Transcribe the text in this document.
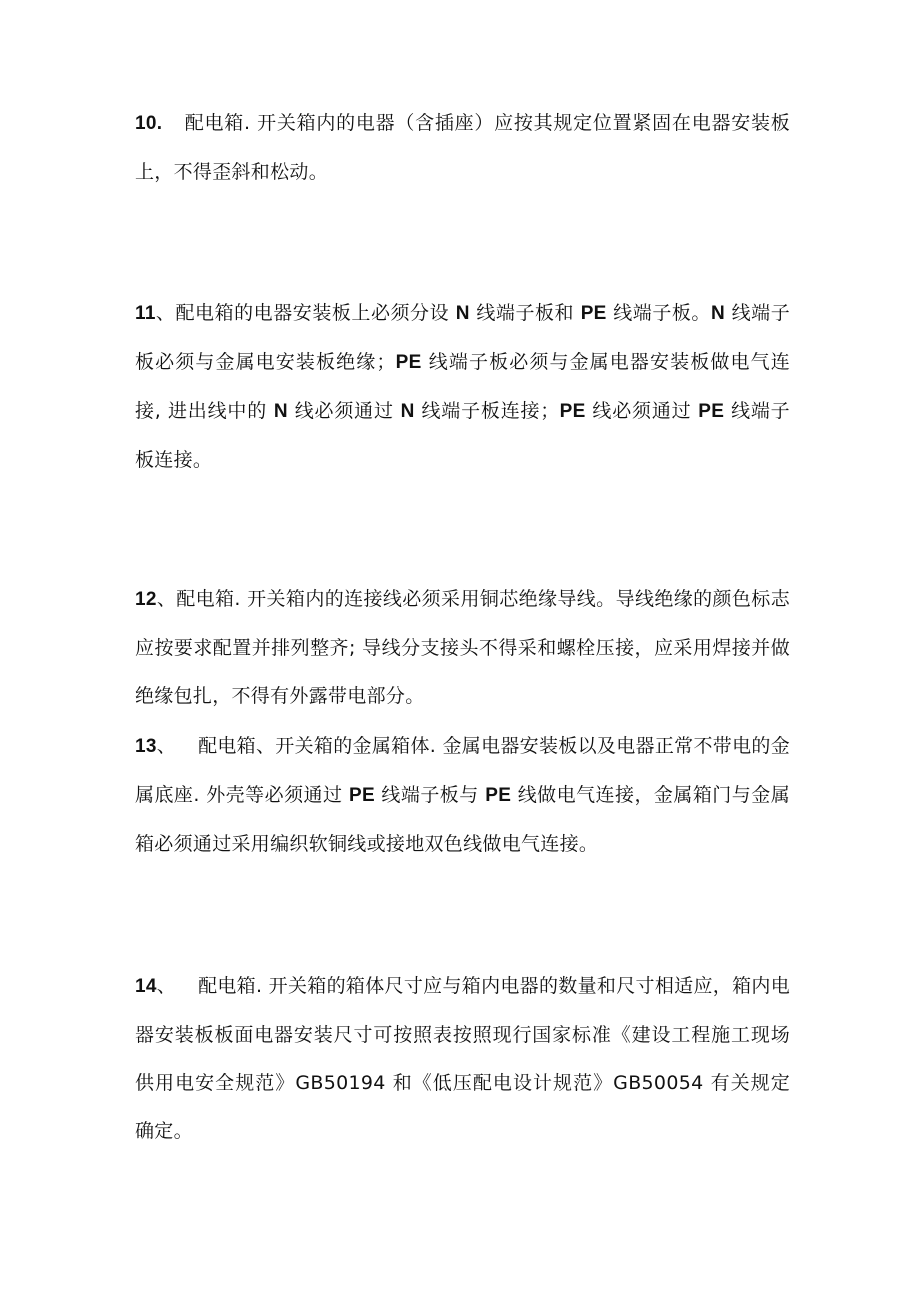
10. 配电箱. 开关箱内的电器（含插座）应按其规定位置紧固在电器安装板上，不得歪斜和松动。
11、配电箱的电器安装板上必须分设 N 线端子板和 PE 线端子板。N 线端子板必须与金属电安装板绝缘；PE 线端子板必须与金属电器安装板做电气连接, 进出线中的 N 线必须通过 N 线端子板连接；PE 线必须通过 PE 线端子板连接。
12、配电箱. 开关箱内的连接线必须采用铜芯绝缘导线。导线绝缘的颜色标志应按要求配置并排列整齐; 导线分支接头不得采和螺栓压接，应采用焊接并做绝缘包扎，不得有外露带电部分。
13、 配电箱、开关箱的金属箱体. 金属电器安装板以及电器正常不带电的金属底座. 外壳等必须通过 PE 线端子板与 PE 线做电气连接，金属箱门与金属箱必须通过采用编织软铜线或接地双色线做电气连接。
14、 配电箱. 开关箱的箱体尺寸应与箱内电器的数量和尺寸相适应，箱内电器安装板板面电器安装尺寸可按照表按照现行国家标准《建设工程施工现场供用电安全规范》GB50194 和《低压配电设计规范》GB50054 有关规定确定。
